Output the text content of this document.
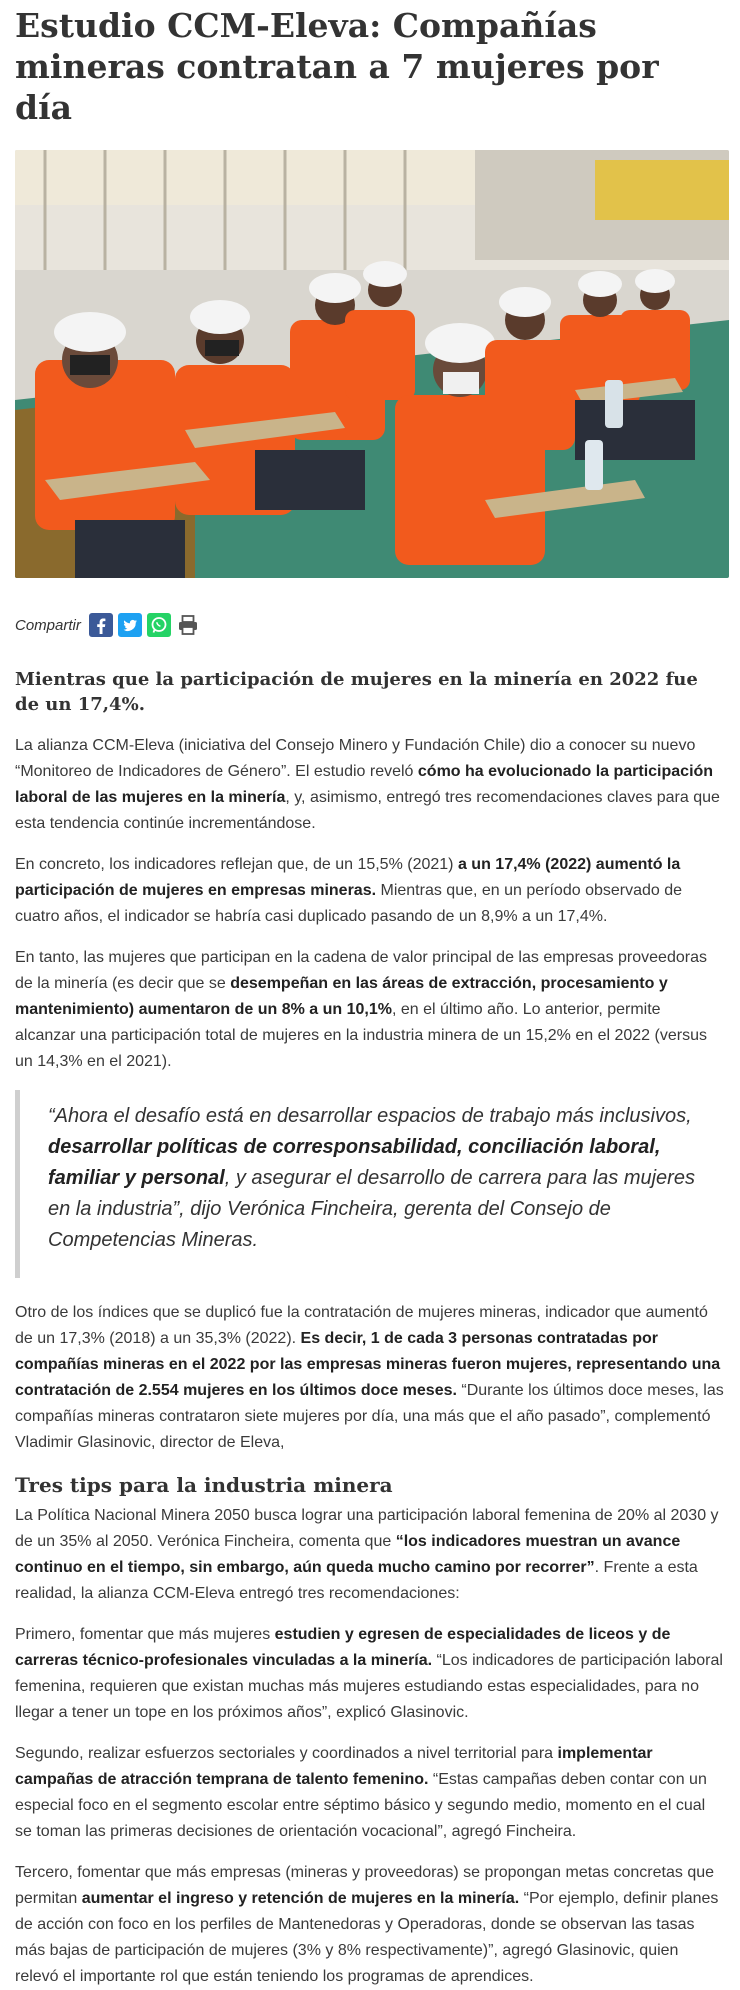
Estudio CCM-Eleva: Compañías mineras contratan a 7 mujeres por día
Compartir
Mientras que la participación de mujeres en la minería en 2022 fue de un 17,4%.

La alianza CCM-Eleva (iniciativa del Consejo Minero y Fundación Chile) dio a conocer su nuevo “Monitoreo de Indicadores de Género”. El estudio reveló cómo ha evolucionado la participación laboral de las mujeres en la minería, y, asimismo, entregó tres recomendaciones claves para que esta tendencia continúe incrementándose.

En concreto, los indicadores reflejan que, de un 15,5% (2021) a un 17,4% (2022) aumentó la participación de mujeres en empresas mineras. Mientras que, en un período observado de cuatro años, el indicador se habría casi duplicado pasando de un 8,9% a un 17,4%.

En tanto, las mujeres que participan en la cadena de valor principal de las empresas proveedoras de la minería (es decir que se desempeñan en las áreas de extracción, procesamiento y mantenimiento) aumentaron de un 8% a un 10,1%, en el último año. Lo anterior, permite alcanzar una participación total de mujeres en la industria minera de un 15,2% en el 2022 (versus un 14,3% en el 2021).

“Ahora el desafío está en desarrollar espacios de trabajo más inclusivos, desarrollar políticas de corresponsabilidad, conciliación laboral, familiar y personal, y asegurar el desarrollo de carrera para las mujeres en la industria”, dijo Verónica Fincheira, gerenta del Consejo de Competencias Mineras.

Otro de los índices que se duplicó fue la contratación de mujeres mineras, indicador que aumentó de un 17,3% (2018) a un 35,3% (2022). Es decir, 1 de cada 3 personas contratadas por compañías mineras en el 2022 por las empresas mineras fueron mujeres, representando una contratación de 2.554 mujeres en los últimos doce meses. “Durante los últimos doce meses, las compañías mineras contrataron siete mujeres por día, una más que el año pasado”, complementó Vladimir Glasinovic, director de Eleva,

Tres tips para la industria minera

La Política Nacional Minera 2050 busca lograr una participación laboral femenina de 20% al 2030 y de un 35% al 2050. Verónica Fincheira, comenta que “los indicadores muestran un avance continuo en el tiempo, sin embargo, aún queda mucho camino por recorrer”. Frente a esta realidad, la alianza CCM-Eleva entregó tres recomendaciones:

Primero, fomentar que más mujeres estudien y egresen de especialidades de liceos y de carreras técnico-profesionales vinculadas a la minería. “Los indicadores de participación laboral femenina, requieren que existan muchas más mujeres estudiando estas especialidades, para no llegar a tener un tope en los próximos años”, explicó Glasinovic.

Segundo, realizar esfuerzos sectoriales y coordinados a nivel territorial para implementar campañas de atracción temprana de talento femenino. “Estas campañas deben contar con un especial foco en el segmento escolar entre séptimo básico y segundo medio, momento en el cual se toman las primeras decisiones de orientación vocacional”, agregó Fincheira.

Tercero, fomentar que más empresas (mineras y proveedoras) se propongan metas concretas que permitan aumentar el ingreso y retención de mujeres en la minería. “Por ejemplo, definir planes de acción con foco en los perfiles de Mantenedoras y Operadoras, donde se observan las tasas más bajas de participación de mujeres (3% y 8% respectivamente)”, agregó Glasinovic, quien relevó el importante rol que están teniendo los programas de aprendices.
